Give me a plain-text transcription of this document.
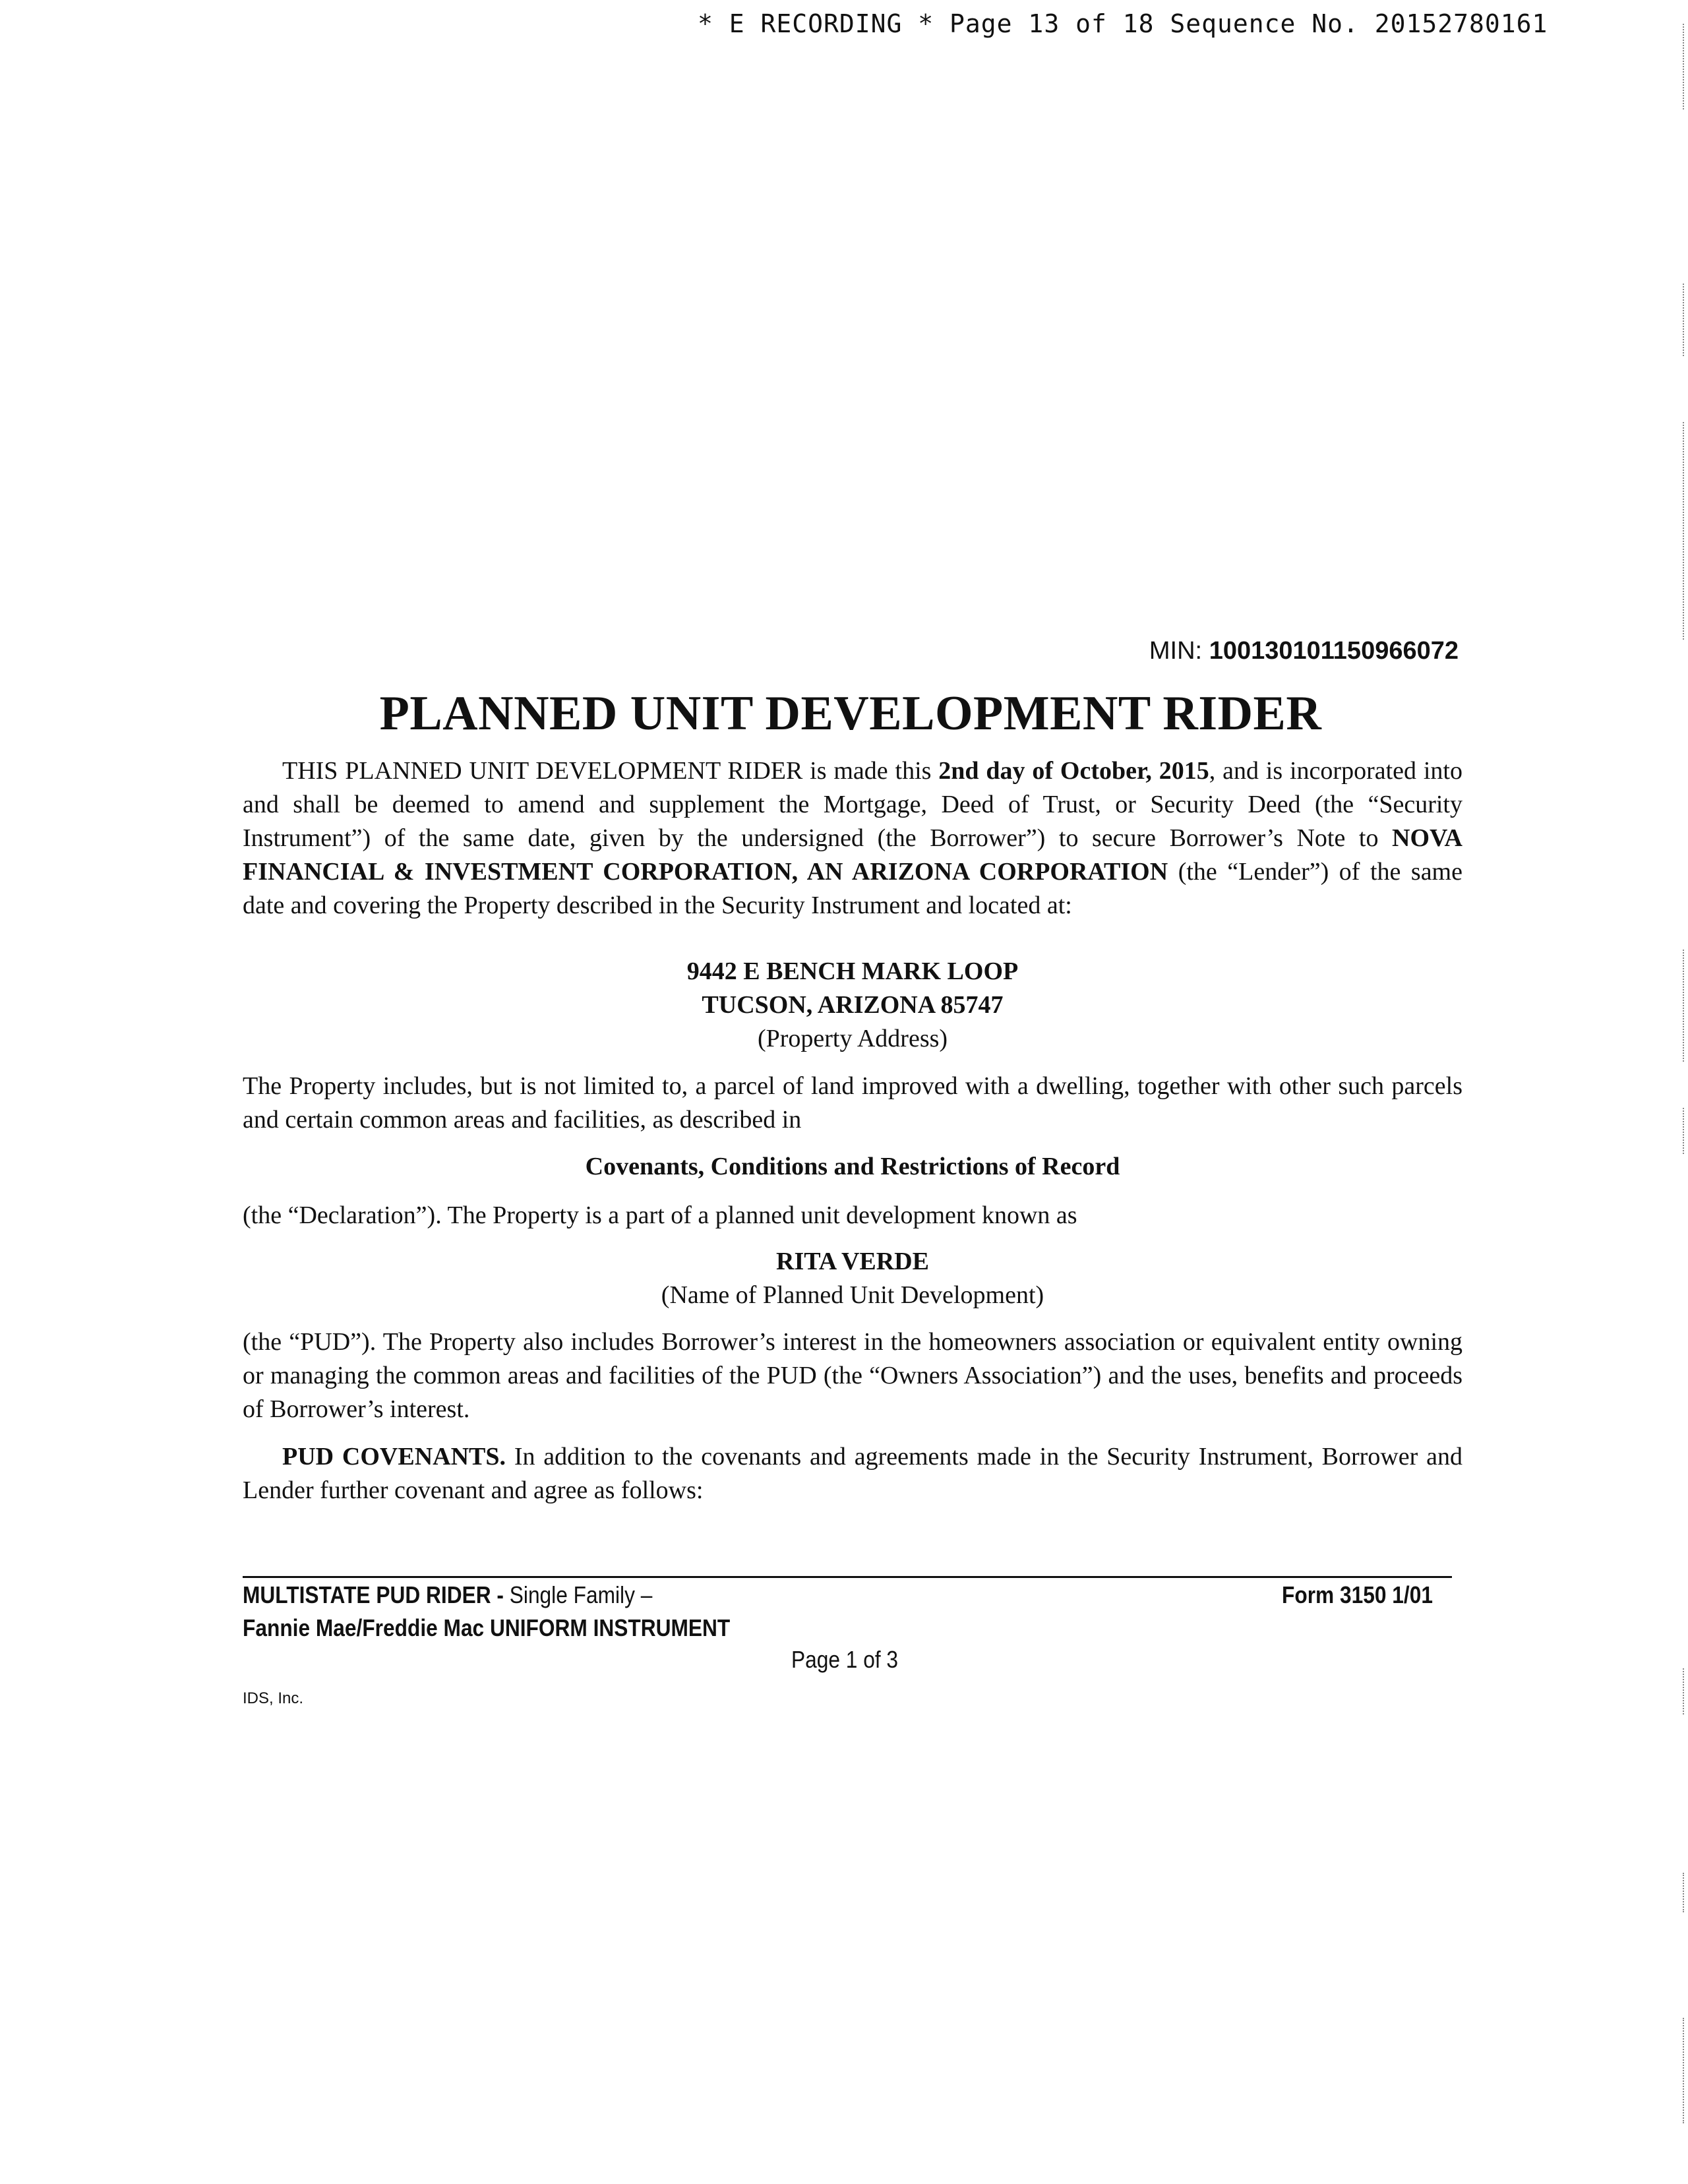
* E RECORDING * Page 13 of 18 Sequence No. 20152780161
MIN: 100130101150966072
PLANNED UNIT DEVELOPMENT RIDER
THIS PLANNED UNIT DEVELOPMENT RIDER is made this 2nd day of October, 2015, and is incorporated into and shall be deemed to amend and supplement the Mortgage, Deed of Trust, or Security Deed (the “Security Instrument”) of the same date, given by the undersigned (the Borrower”) to secure Borrower’s Note to NOVA FINANCIAL & INVESTMENT CORPORATION, AN ARIZONA CORPORATION (the “Lender”) of the same date and covering the Property described in the Security Instrument and located at:
9442 E BENCH MARK LOOP
TUCSON, ARIZONA 85747
(Property Address)
The Property includes, but is not limited to, a parcel of land improved with a dwelling, together with other such parcels and certain common areas and facilities, as described in
Covenants, Conditions and Restrictions of Record
(the “Declaration”). The Property is a part of a planned unit development known as
RITA VERDE
(Name of Planned Unit Development)
(the “PUD”). The Property also includes Borrower’s interest in the homeowners association or equivalent entity owning or managing the common areas and facilities of the PUD (the “Owners Association”) and the uses, benefits and proceeds of Borrower’s interest.
PUD COVENANTS. In addition to the covenants and agreements made in the Security Instrument, Borrower and Lender further covenant and agree as follows:
MULTISTATE PUD RIDER - Single Family –
Fannie Mae/Freddie Mac UNIFORM INSTRUMENT
Form 3150 1/01
Page 1 of 3
IDS, Inc.
